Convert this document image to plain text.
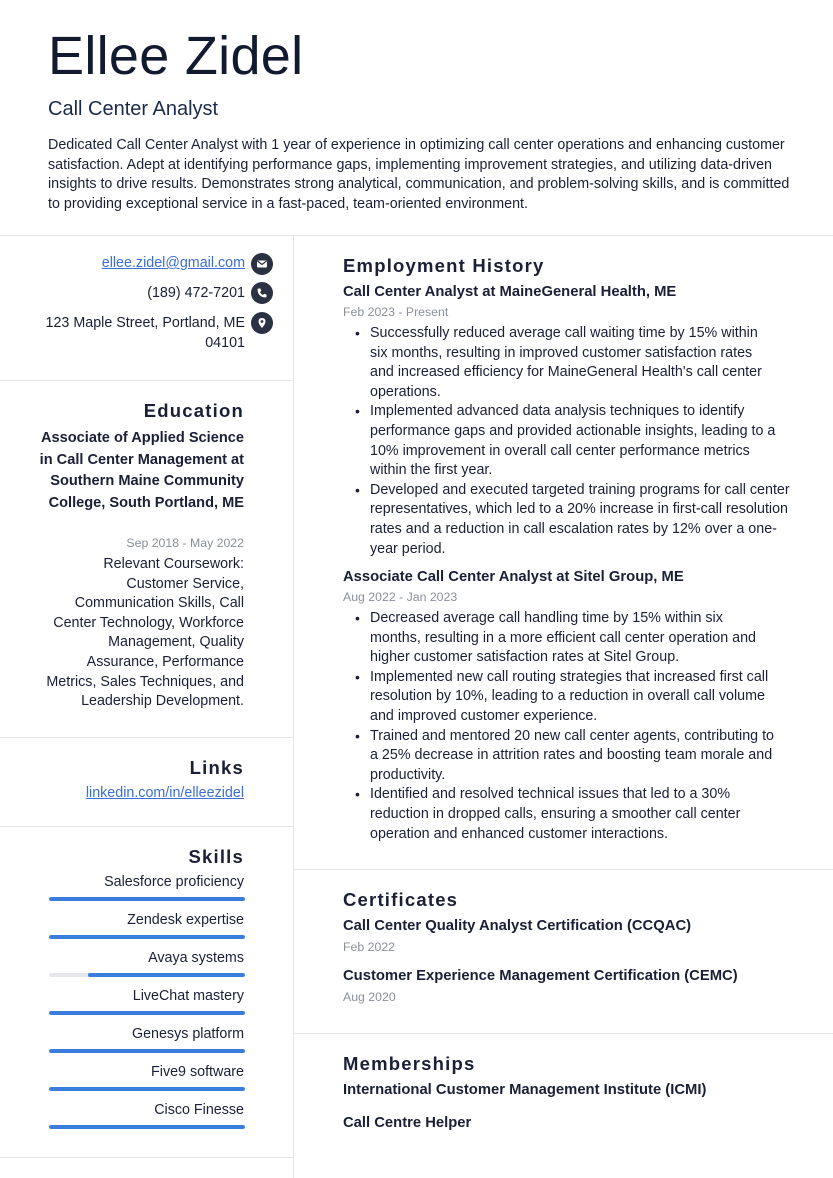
Ellee Zidel
Call Center Analyst
Dedicated Call Center Analyst with 1 year of experience in optimizing call center operations and enhancing customer satisfaction. Adept at identifying performance gaps, implementing improvement strategies, and utilizing data-driven insights to drive results. Demonstrates strong analytical, communication, and problem-solving skills, and is committed to providing exceptional service in a fast-paced, team-oriented environment.
ellee.zidel@gmail.com
(189) 472-7201
123 Maple Street, Portland, ME 04101
Education
Associate of Applied Science in Call Center Management at Southern Maine Community College, South Portland, ME
Sep 2018 - May 2022
Relevant Coursework: Customer Service, Communication Skills, Call Center Technology, Workforce Management, Quality Assurance, Performance Metrics, Sales Techniques, and Leadership Development.
Links
linkedin.com/in/elleezidel
Skills
Salesforce proficiency
Zendesk expertise
Avaya systems
LiveChat mastery
Genesys platform
Five9 software
Cisco Finesse
Employment History
Call Center Analyst at MaineGeneral Health, ME
Feb 2023 - Present
• Successfully reduced average call waiting time by 15% within six months, resulting in improved customer satisfaction rates and increased efficiency for MaineGeneral Health's call center operations.
• Implemented advanced data analysis techniques to identify performance gaps and provided actionable insights, leading to a 10% improvement in overall call center performance metrics within the first year.
• Developed and executed targeted training programs for call center representatives, which led to a 20% increase in first-call resolution rates and a reduction in call escalation rates by 12% over a one-year period.
Associate Call Center Analyst at Sitel Group, ME
Aug 2022 - Jan 2023
• Decreased average call handling time by 15% within six months, resulting in a more efficient call center operation and higher customer satisfaction rates at Sitel Group.
• Implemented new call routing strategies that increased first call resolution by 10%, leading to a reduction in overall call volume and improved customer experience.
• Trained and mentored 20 new call center agents, contributing to a 25% decrease in attrition rates and boosting team morale and productivity.
• Identified and resolved technical issues that led to a 30% reduction in dropped calls, ensuring a smoother call center operation and enhanced customer interactions.
Certificates
Call Center Quality Analyst Certification (CCQAC)
Feb 2022
Customer Experience Management Certification (CEMC)
Aug 2020
Memberships
International Customer Management Institute (ICMI)
Call Centre Helper
